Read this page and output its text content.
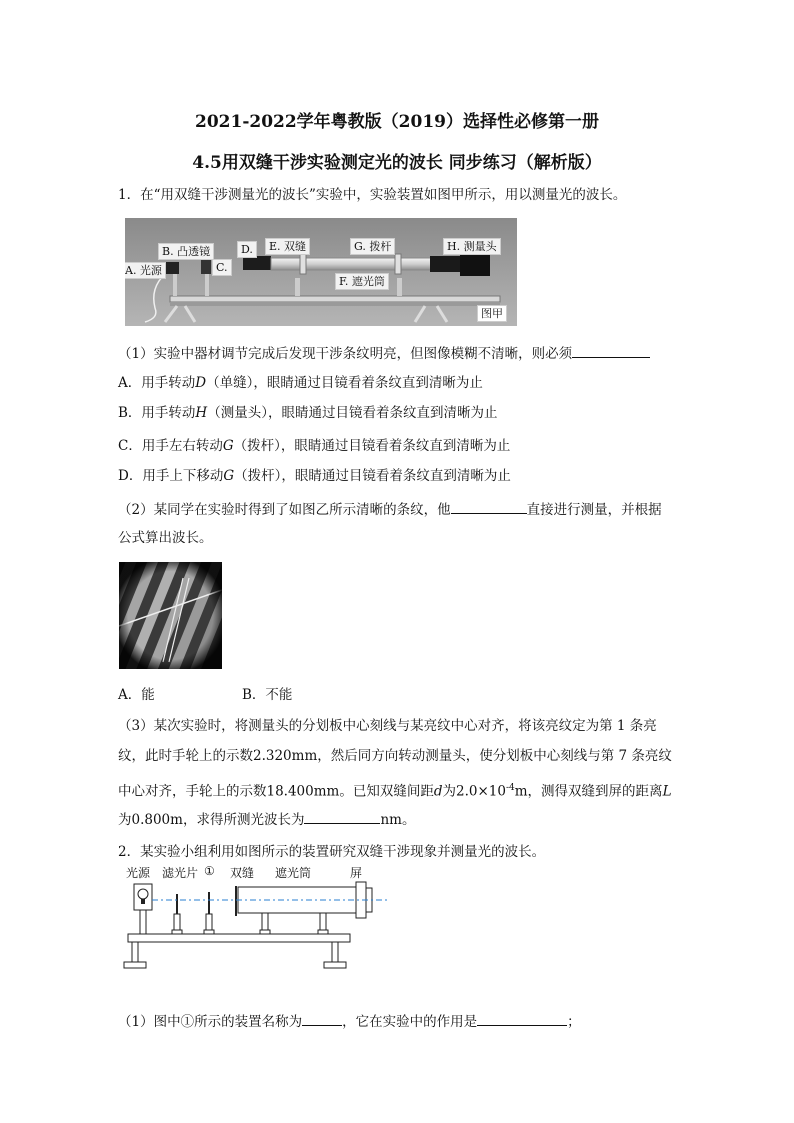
2021-2022学年粤教版（2019）选择性必修第一册
4.5用双缝干涉实验测定光的波长 同步练习（解析版）
1．在“用双缝干涉测量光的波长”实验中，实验装置如图甲所示，用以测量光的波长。
A. 光源
B. 凸透镜
C.
D.	E. 双缝	G. 拨杆	H. 测量头
F. 遮光筒
图甲
（1）实验中器材调节完成后发现干涉条纹明亮，但图像模糊不清晰，则必须
A．用手转动D（单缝），眼睛通过目镜看着条纹直到清晰为止
B．用手转动H（测量头），眼睛通过目镜看着条纹直到清晰为止
C．用手左右转动G（拨杆），眼睛通过目镜看着条纹直到清晰为止
D．用手上下移动G（拨杆），眼睛通过目镜看着条纹直到清晰为止
（2）某同学在实验时得到了如图乙所示清晰的条纹，他	直接进行测量，并根据
公式算出波长。
A．能	B．不能
（3）某次实验时，将测量头的分划板中心刻线与某亮纹中心对齐，将该亮纹定为第 1 条亮
纹，此时手轮上的示数2.320mm，然后同方向转动测量头，使分划板中心刻线与第 7 条亮纹
中心对齐，手轮上的示数18.400mm。已知双缝间距d为$2.0\times 10^{-4}m$，测得双缝到屏的距离L
为0.800m，求得所测光波长为	nm。
2．某实验小组利用如图所示的装置研究双缝干涉现象并测量光的波长。
光源 滤光片 ① 双缝 遮光筒	屏
（1）图中①所示的装置名称为	，它在实验中的作用是	；
